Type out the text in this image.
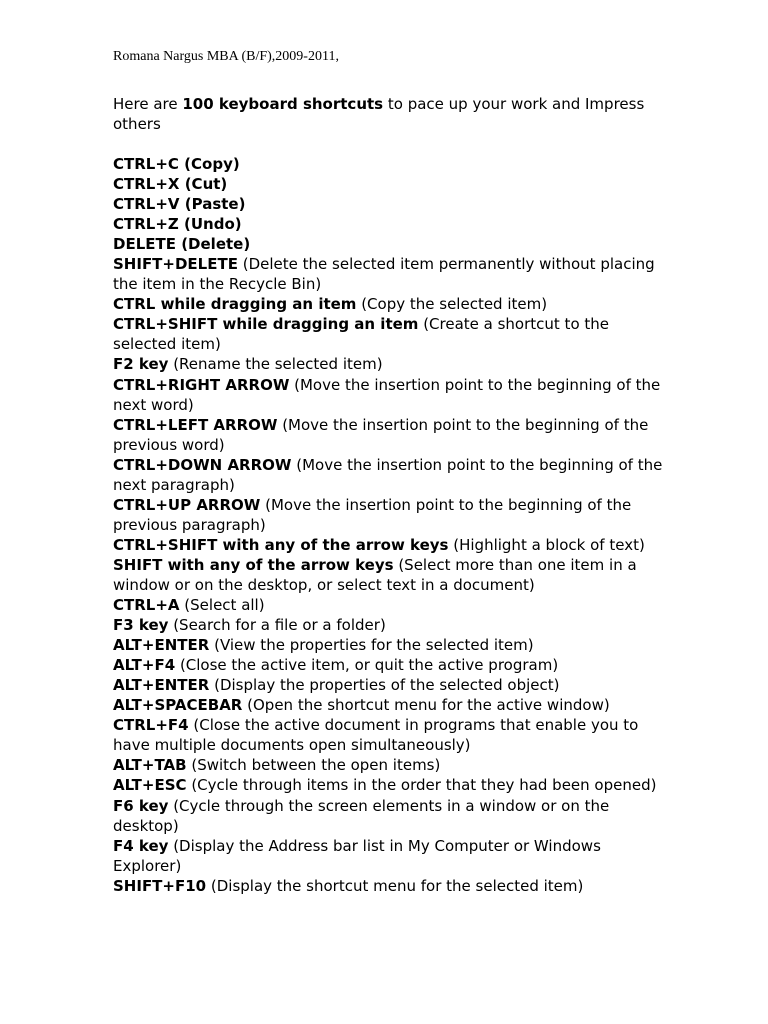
Romana Nargus MBA (B/F),2009-2011,

Here are 100 keyboard shortcuts to pace up your work and Impress others

CTRL+C (Copy)
CTRL+X (Cut)
CTRL+V (Paste)
CTRL+Z (Undo)
DELETE (Delete)
SHIFT+DELETE (Delete the selected item permanently without placing the item in the Recycle Bin)
CTRL while dragging an item (Copy the selected item)
CTRL+SHIFT while dragging an item (Create a shortcut to the selected item)
F2 key (Rename the selected item)
CTRL+RIGHT ARROW (Move the insertion point to the beginning of the next word)
CTRL+LEFT ARROW (Move the insertion point to the beginning of the previous word)
CTRL+DOWN ARROW (Move the insertion point to the beginning of the next paragraph)
CTRL+UP ARROW (Move the insertion point to the beginning of the previous paragraph)
CTRL+SHIFT with any of the arrow keys (Highlight a block of text)
SHIFT with any of the arrow keys (Select more than one item in a window or on the desktop, or select text in a document)
CTRL+A (Select all)
F3 key (Search for a file or a folder)
ALT+ENTER (View the properties for the selected item)
ALT+F4 (Close the active item, or quit the active program)
ALT+ENTER (Display the properties of the selected object)
ALT+SPACEBAR (Open the shortcut menu for the active window)
CTRL+F4 (Close the active document in programs that enable you to have multiple documents open simultaneously)
ALT+TAB (Switch between the open items)
ALT+ESC (Cycle through items in the order that they had been opened)
F6 key (Cycle through the screen elements in a window or on the desktop)
F4 key (Display the Address bar list in My Computer or Windows Explorer)
SHIFT+F10 (Display the shortcut menu for the selected item)
